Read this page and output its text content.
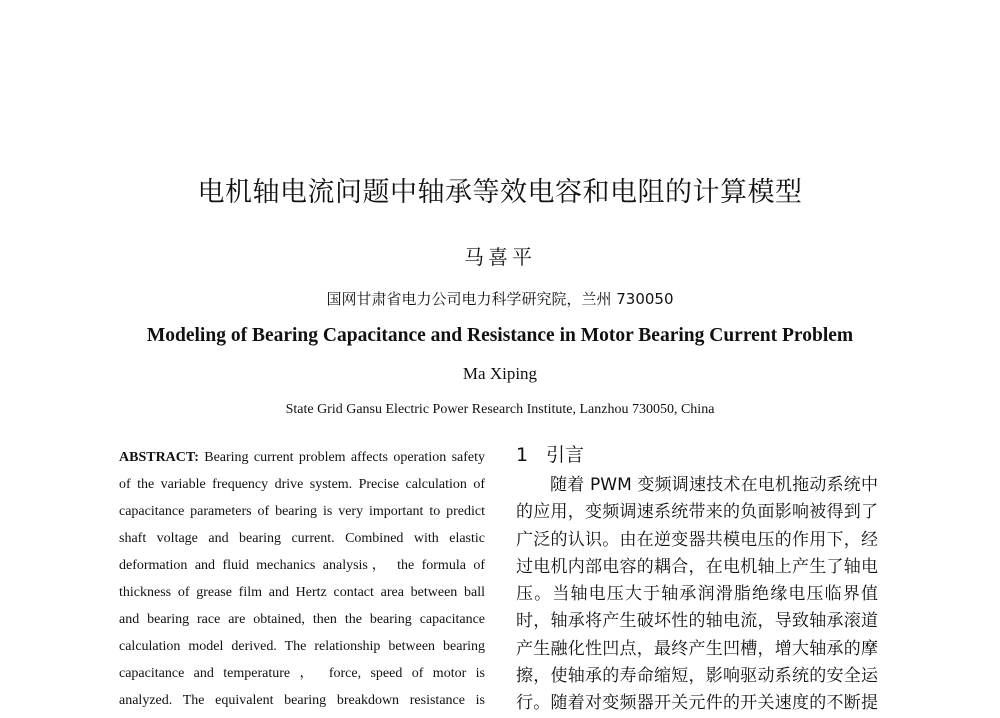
电机轴电流问题中轴承等效电容和电阻的计算模型
马喜平
国网甘肃省电力公司电力科学研究院，兰州 730050
Modeling of Bearing Capacitance and Resistance in Motor Bearing Current Problem
Ma Xiping
State Grid Gansu Electric Power Research Institute, Lanzhou 730050, China
ABSTRACT: Bearing current problem affects operation safety
of the variable frequency drive system. Precise calculation of
capacitance parameters of bearing is very important to predict
shaft voltage and bearing current. Combined with elastic
deformation and fluid mechanics analysis， the formula of
thickness of grease film and Hertz contact area between ball
and bearing race are obtained, then the bearing capacitance
calculation model derived. The relationship between bearing
capacitance and temperature ， force, speed of motor is
analyzed. The equivalent bearing breakdown resistance is
1 引言
随着 PWM 变频调速技术在电机拖动系统中
的应用，变频调速系统带来的负面影响被得到了
广泛的认识。由在逆变器共模电压的作用下，经
过电机内部电容的耦合，在电机轴上产生了轴电
压。当轴电压大于轴承润滑脂绝缘电压临界值
时，轴承将产生破坏性的轴电流，导致轴承滚道
产生融化性凹点，最终产生凹槽，增大轴承的摩
擦，使轴承的寿命缩短，影响驱动系统的安全运
行。随着对变频器开关元件的开关速度的不断提
